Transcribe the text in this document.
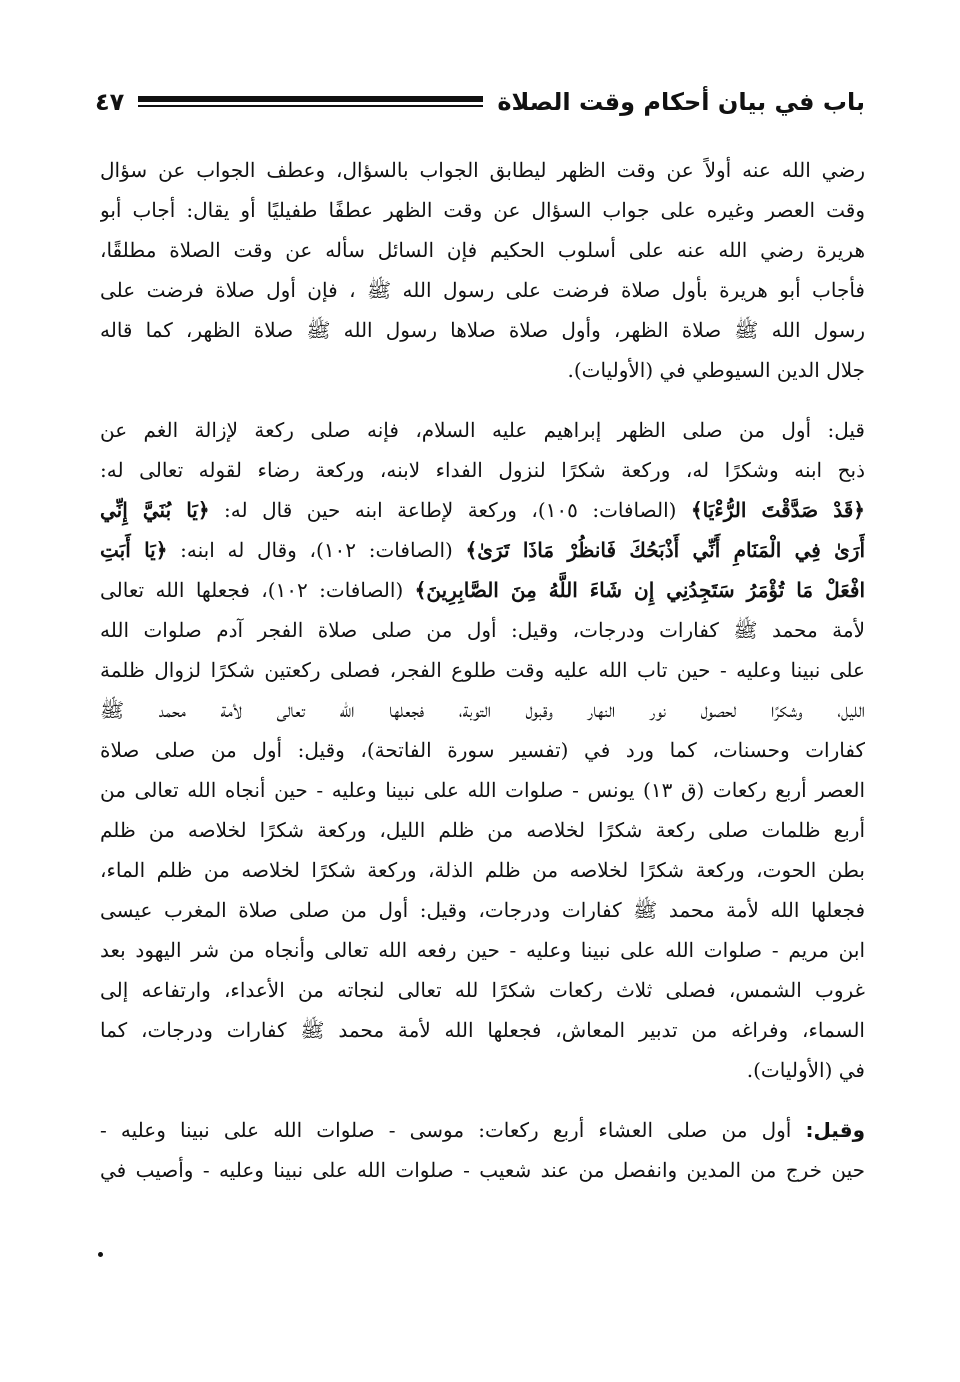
باب في بيان أحكام وقت الصلاة
٤٧

رضي الله عنه أولاً عن وقت الظهر ليطابق الجواب بالسؤال، وعطف الجواب عن سؤال
وقت العصر وغيره على جواب السؤال عن وقت الظهر عطفًا طفيليًا أو يقال: أجاب أبو
هريرة رضي الله عنه على أسلوب الحكيم فإن السائل سأله عن وقت الصلاة مطلقًا،
فأجاب أبو هريرة بأول صلاة فرضت على رسول الله ﷺ ، فإن أول صلاة فرضت على
رسول الله ﷺ صلاة الظهر، وأول صلاة صلاها رسول الله ﷺ صلاة الظهر، كما قاله
جلال الدين السيوطي في (الأوليات).

قيل: أول من صلى الظهر إبراهيم عليه السلام، فإنه صلى ركعة لإزالة الغم عن
ذبح ابنه وشكرًا له، وركعة شكرًا لنزول الفداء لابنه، وركعة رضاء لقوله تعالى له:
﴿قَدْ صَدَّقْتَ الرُّءْيَا﴾ (الصافات: ١٠٥)، وركعة لإطاعة ابنه حين قال له: ﴿يَا بُنَيَّ إِنِّي
أَرَىٰ فِي الْمَنَامِ أَنِّي أَذْبَحُكَ فَانظُرْ مَاذَا تَرَىٰ﴾ (الصافات: ١٠٢)، وقال له ابنه: ﴿يَا أَبَتِ
افْعَلْ مَا تُؤْمَرُ سَتَجِدُنِي إِن شَاءَ اللَّهُ مِنَ الصَّابِرِينَ﴾ (الصافات: ١٠٢)، فجعلها الله تعالى
لأمة محمد ﷺ كفارات ودرجات، وقيل: أول من صلى صلاة الفجر آدم صلوات الله
على نبينا وعليه - حين تاب الله عليه وقت طلوع الفجر، فصلى ركعتين شكرًا لزوال ظلمة
الليل، وشكرًا لحصول نور النهار وقبول التوبة، فجعلها الله تعالى لأمة محمد ﷺ
كفارات وحسنات، كما ورد في (تفسير سورة الفاتحة)، وقيل: أول من صلى صلاة
العصر أربع ركعات (ق ١٣) يونس - صلوات الله على نبينا وعليه - حين أنجاه الله تعالى من
أربع ظلمات صلى ركعة شكرًا لخلاصه من ظلم الليل، وركعة شكرًا لخلاصه من ظلم
بطن الحوت، وركعة شكرًا لخلاصه من ظلم الذلة، وركعة شكرًا لخلاصه من ظلم الماء،
فجعلها الله لأمة محمد ﷺ كفارات ودرجات، وقيل: أول من صلى صلاة المغرب عيسى
ابن مريم - صلوات الله على نبينا وعليه - حين رفعه الله تعالى وأنجاه من شر اليهود بعد
غروب الشمس، فصلى ثلاث ركعات شكرًا لله تعالى لنجاته من الأعداء، وارتفاعه إلى
السماء، وفراغه من تدبير المعاش، فجعلها الله لأمة محمد ﷺ كفارات ودرجات، كما
في (الأوليات).

وقيل: أول من صلى العشاء أربع ركعات: موسى - صلوات الله على نبينا وعليه -
حين خرج من المدين وانفصل من عند شعيب - صلوات الله على نبينا وعليه - وأصيب في
